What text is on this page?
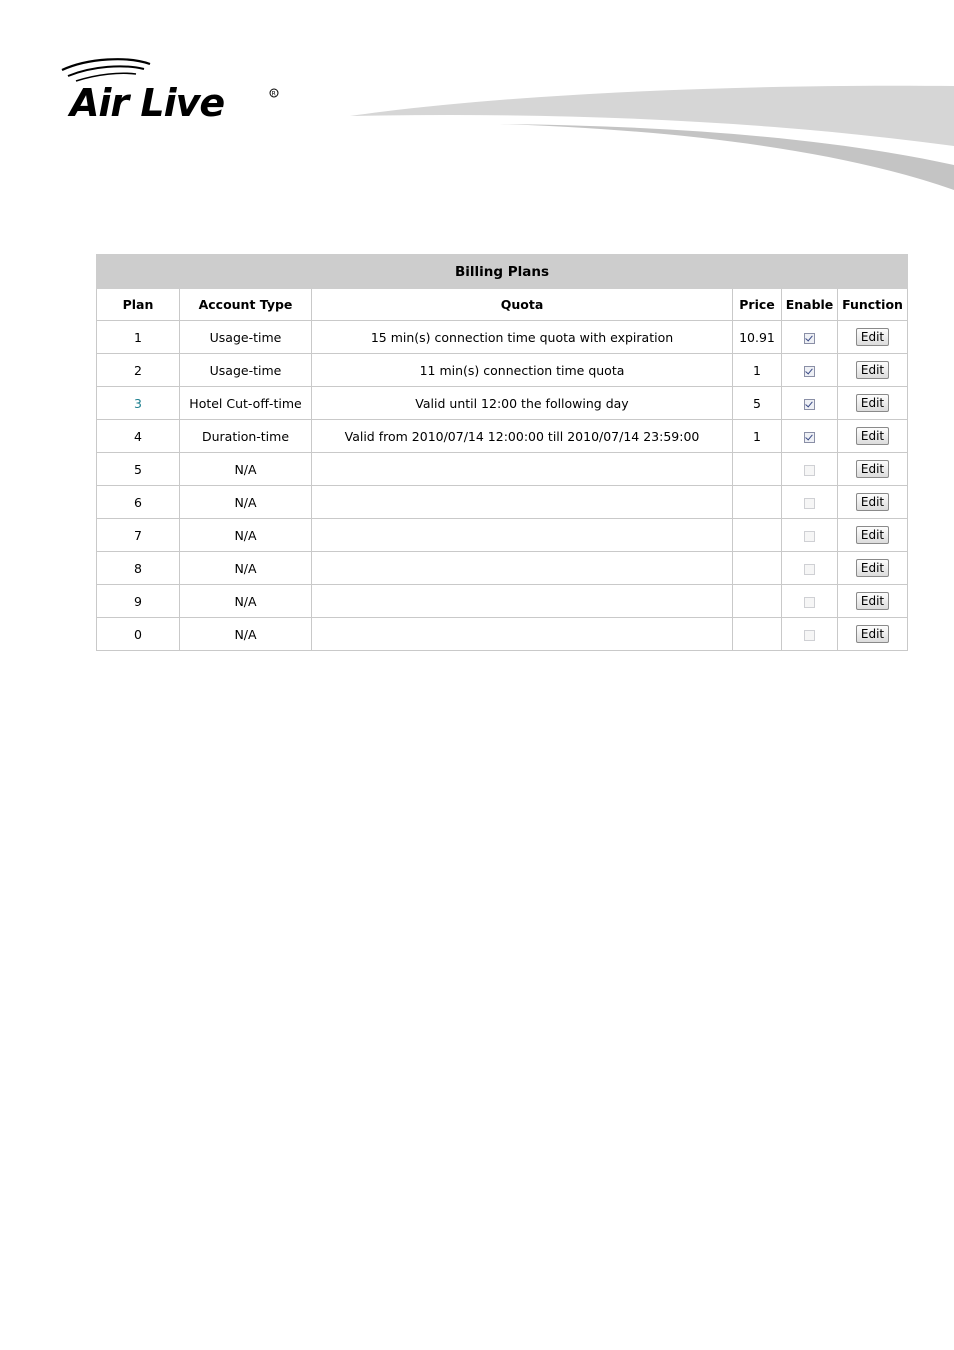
Air Live	R
Billing Plans					
Plan	Account Type	Quota	Price	Enable	Function
1	Usage-time	15 min(s) connection time quota with expiration	10.91		Edit
2	Usage-time	11 min(s) connection time quota	1		Edit
3	Hotel Cut-off-time	Valid until 12:00 the following day	5		Edit
4	Duration-time	Valid from 2010/07/14 12:00:00 till 2010/07/14 23:59:00	1		Edit
5	N/A				Edit
6	N/A				Edit
7	N/A				Edit
8	N/A				Edit
9	N/A				Edit
0	N/A				Edit
